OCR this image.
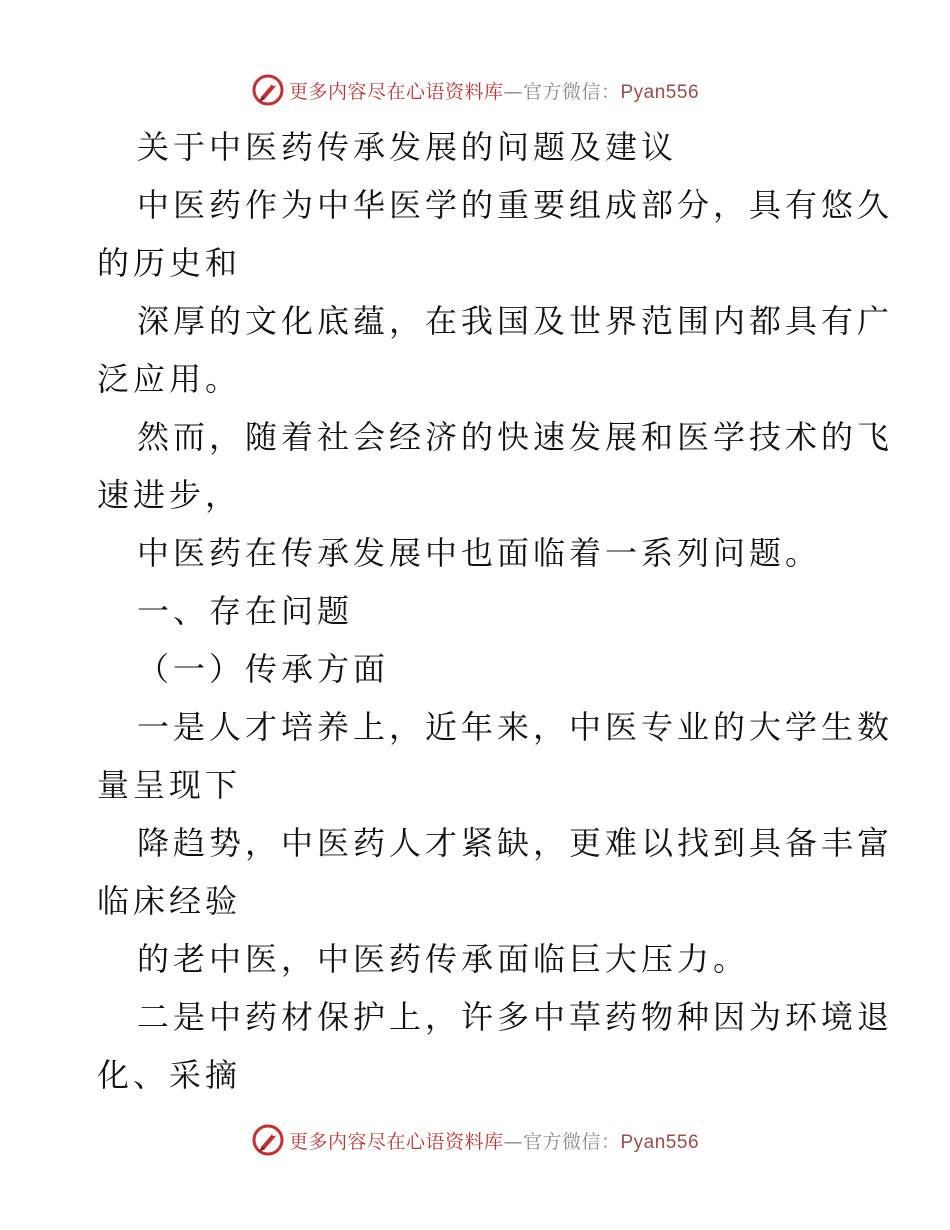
更多内容尽在心语资料库—官方微信：Pyan556
关于中医药传承发展的问题及建议
中医药作为中华医学的重要组成部分，具有悠久
的历史和
深厚的文化底蕴，在我国及世界范围内都具有广
泛应用。
然而，随着社会经济的快速发展和医学技术的飞
速进步，
中医药在传承发展中也面临着一系列问题。
一、存在问题
（一）传承方面
一是人才培养上，近年来，中医专业的大学生数
量呈现下
降趋势，中医药人才紧缺，更难以找到具备丰富
临床经验
的老中医，中医药传承面临巨大压力。
二是中药材保护上，许多中草药物种因为环境退
化、采摘
更多内容尽在心语资料库—官方微信：Pyan556
